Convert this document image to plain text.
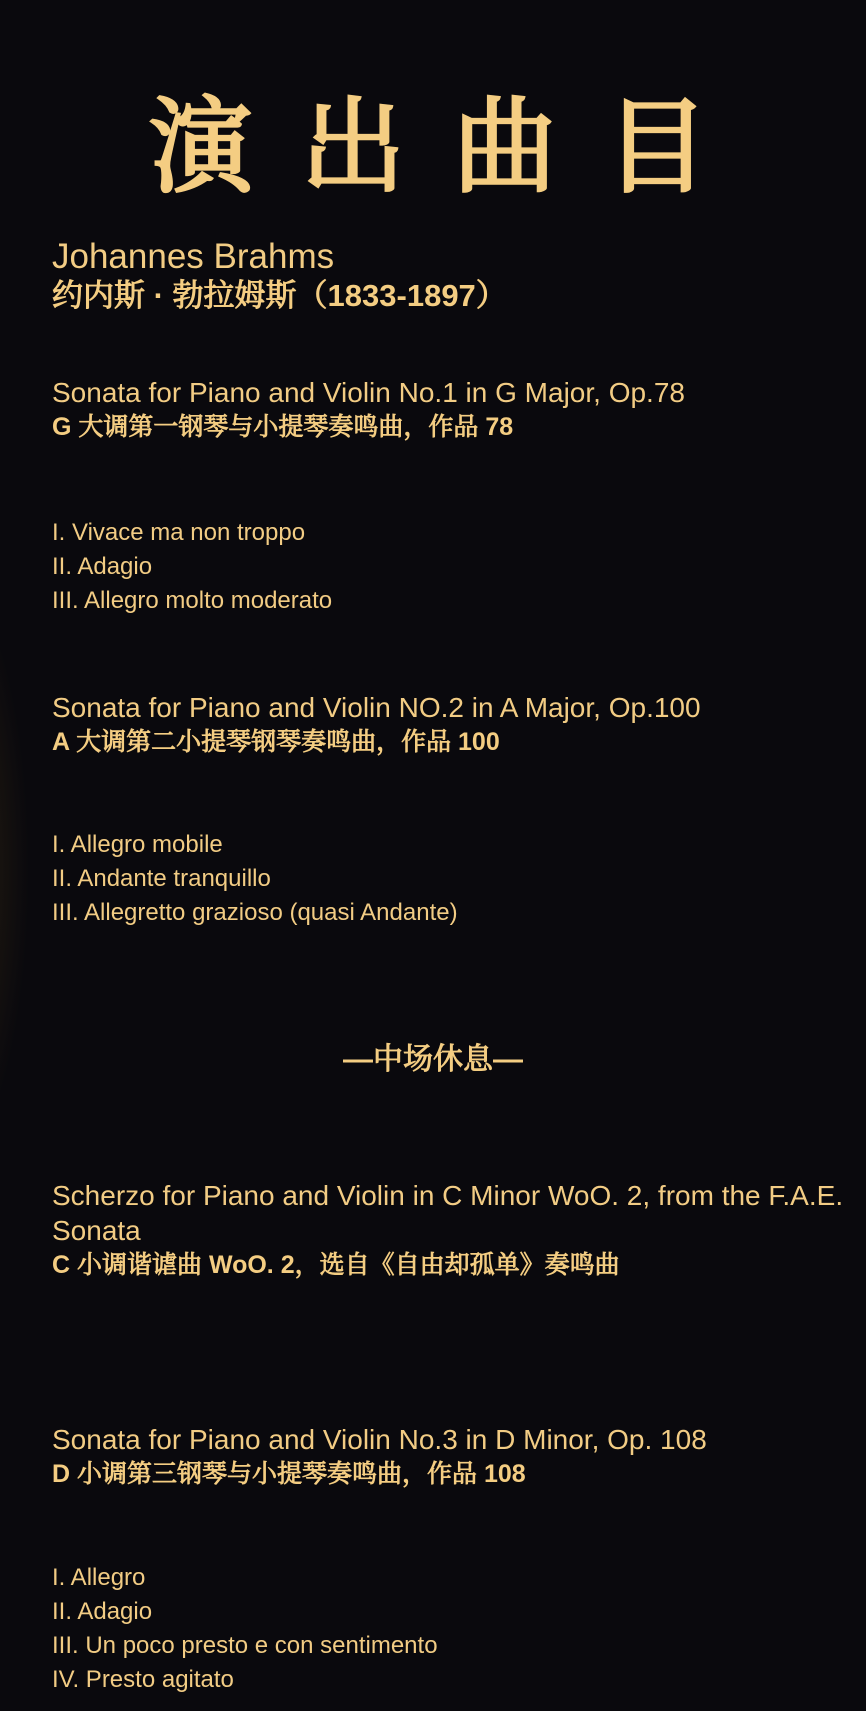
演出曲目
Johannes Brahms
约内斯 · 勃拉姆斯（1833-1897）
Sonata for Piano and Violin No.1 in G Major, Op.78
G 大调第一钢琴与小提琴奏鸣曲，作品 78
I. Vivace ma non troppo
II. Adagio
III. Allegro molto moderato
Sonata for Piano and Violin NO.2 in A Major, Op.100
A 大调第二小提琴钢琴奏鸣曲，作品 100
I. Allegro mobile
II. Andante tranquillo
III. Allegretto grazioso (quasi Andante)
—中场休息—
Scherzo for Piano and Violin in C Minor WoO. 2, from the F.A.E. Sonata
C 小调谐谑曲 WoO. 2，选自《自由却孤单》奏鸣曲
Sonata for Piano and Violin No.3 in D Minor, Op. 108
D 小调第三钢琴与小提琴奏鸣曲，作品 108
I. Allegro
II. Adagio
III. Un poco presto e con sentimento
IV. Presto agitato
